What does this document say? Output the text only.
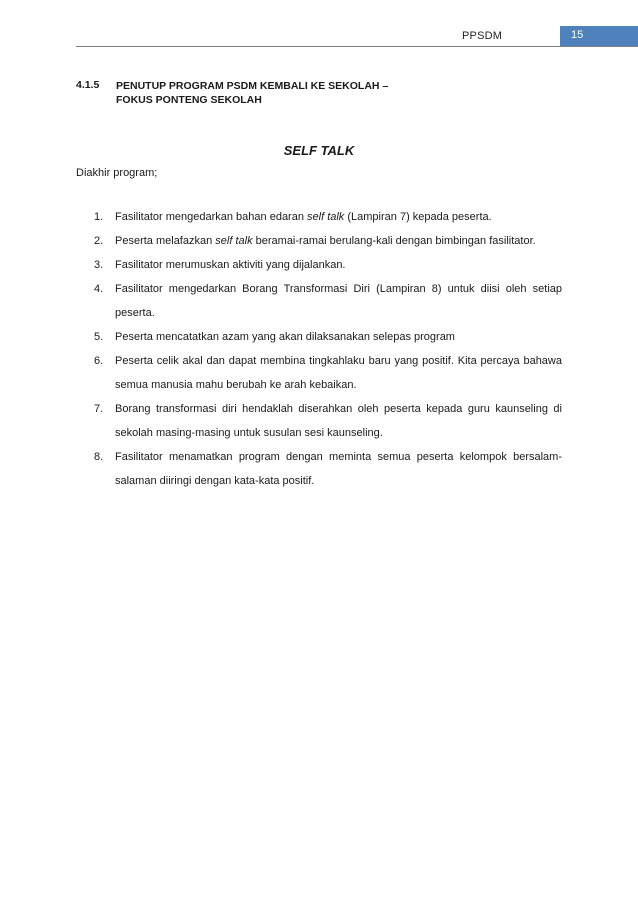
PPSDM	15
4.1.5 PENUTUP PROGRAM PSDM KEMBALI KE SEKOLAH –
FOKUS PONTENG SEKOLAH
SELF TALK
Diakhir program;
1. Fasilitator mengedarkan bahan edaran self talk (Lampiran 7) kepada peserta.
2. Peserta melafazkan self talk beramai-ramai berulang-kali dengan bimbingan fasilitator.
3. Fasilitator merumuskan aktiviti yang dijalankan.
4. Fasilitator mengedarkan Borang Transformasi Diri (Lampiran 8) untuk diisi oleh setiap peserta.
5. Peserta mencatatkan azam yang akan dilaksanakan selepas program
6. Peserta celik akal dan dapat membina tingkahlaku baru yang positif. Kita percaya bahawa semua manusia mahu berubah ke arah kebaikan.
7. Borang transformasi diri hendaklah diserahkan oleh peserta kepada guru kaunseling di sekolah masing-masing untuk susulan sesi kaunseling.
8. Fasilitator menamatkan program dengan meminta semua peserta kelompok bersalam-salaman diiringi dengan kata-kata positif.
